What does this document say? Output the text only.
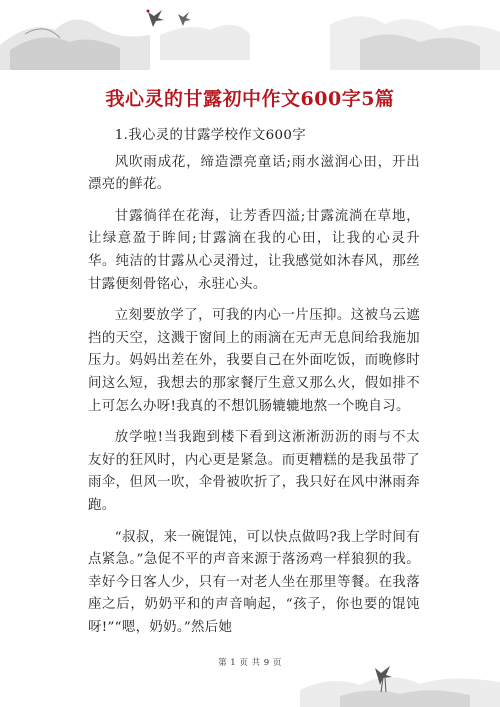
我心灵的甘露初中作文600字5篇

1.我心灵的甘露学校作文600字

风吹雨成花，缔造漂亮童话;雨水滋润心田，开出漂亮的鲜花。

甘露徜徉在花海，让芳香四溢;甘露流淌在草地，让绿意盈于眸间;甘露滴在我的心田，让我的心灵升华。纯洁的甘露从心灵滑过，让我感觉如沐春风，那丝甘露便刻骨铭心，永驻心头。

立刻要放学了，可我的内心一片压抑。这被乌云遮挡的天空，这溅于窗间上的雨滴在无声无息间给我施加压力。妈妈出差在外，我要自己在外面吃饭，而晚修时间这么短，我想去的那家餐厅生意又那么火，假如排不上可怎么办呀!我真的不想饥肠辘辘地熬一个晚自习。

放学啦!当我跑到楼下看到这淅淅沥沥的雨与不太友好的狂风时，内心更是紧急。而更糟糕的是我虽带了雨伞，但风一吹，伞骨被吹折了，我只好在风中淋雨奔跑。

“叔叔，来一碗馄饨，可以快点做吗?我上学时间有点紧急。”急促不平的声音来源于落汤鸡一样狼狈的我。幸好今日客人少，只有一对老人坐在那里等餐。在我落座之后，奶奶平和的声音响起，“孩子，你也要的馄饨呀!”“嗯，奶奶。”然后她

第 1 页 共 9 页
